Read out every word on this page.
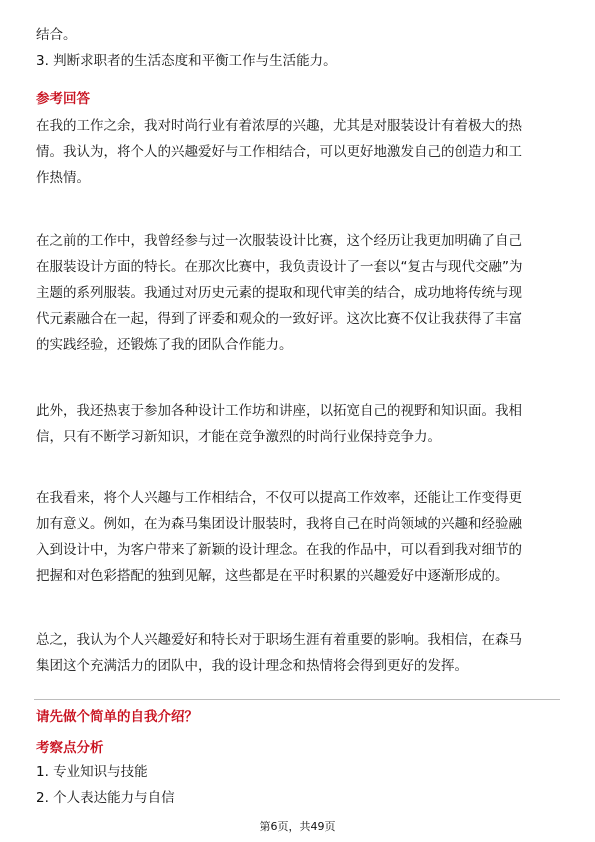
结合。

3. 判断求职者的生活态度和平衡工作与生活能力。

参考回答

在我的工作之余，我对时尚行业有着浓厚的兴趣，尤其是对服装设计有着极大的热

情。我认为，将个人的兴趣爱好与工作相结合，可以更好地激发自己的创造力和工

作热情。

在之前的工作中，我曾经参与过一次服装设计比赛，这个经历让我更加明确了自己

在服装设计方面的特长。在那次比赛中，我负责设计了一套以“复古与现代交融”为

主题的系列服装。我通过对历史元素的提取和现代审美的结合，成功地将传统与现

代元素融合在一起，得到了评委和观众的一致好评。这次比赛不仅让我获得了丰富

的实践经验，还锻炼了我的团队合作能力。

此外，我还热衷于参加各种设计工作坊和讲座，以拓宽自己的视野和知识面。我相

信，只有不断学习新知识，才能在竞争激烈的时尚行业保持竞争力。

在我看来，将个人兴趣与工作相结合，不仅可以提高工作效率，还能让工作变得更

加有意义。例如，在为森马集团设计服装时，我将自己在时尚领域的兴趣和经验融

入到设计中，为客户带来了新颖的设计理念。在我的作品中，可以看到我对细节的

把握和对色彩搭配的独到见解，这些都是在平时积累的兴趣爱好中逐渐形成的。

总之，我认为个人兴趣爱好和特长对于职场生涯有着重要的影响。我相信，在森马

集团这个充满活力的团队中，我的设计理念和热情将会得到更好的发挥。

请先做个简单的自我介绍？
考察点分析

1. 专业知识与技能

2. 个人表达能力与自信

第6页，共49页
